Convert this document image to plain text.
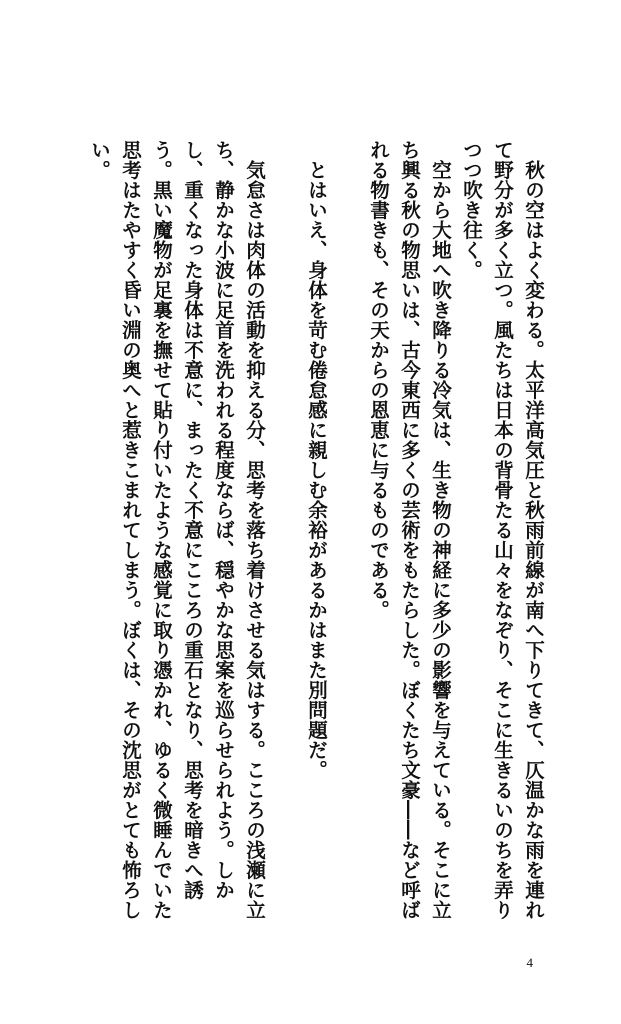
秋の空はよく変わる。太平洋高気圧と秋雨前線が南へ下りてきて、仄温かな雨を連れて野分が多く立つ。風たちは日本の背骨たる山々をなぞり、そこに生きるいのちを弄りつつ吹き往く。

空から大地へ吹き降りる冷気は、生き物の神経に多少の影響を与えている。そこに立ち興る秋の物思いは、古今東西に多くの芸術をもたらした。ぼくたち文豪――など呼ばれる物書きも、その天からの恩恵に与るものである。

とはいえ、身体を苛む倦怠感に親しむ余裕があるかはまた別問題だ。

気怠さは肉体の活動を抑える分、思考を落ち着けさせる気はする。こころの浅瀬に立ち、静かな小波に足首を洗われる程度ならば、穏やかな思案を巡らせられよう。しかし、重くなった身体は不意に、まったく不意にこころの重石となり、思考を暗きへ誘う。黒い魔物が足裏を撫せて貼り付いたような感覚に取り憑かれ、ゆるく微睡んでいた思考はたやすく昏い淵の奥へと惹きこまれてしまう。ぼくは、その沈思がとても怖ろしい。

4
